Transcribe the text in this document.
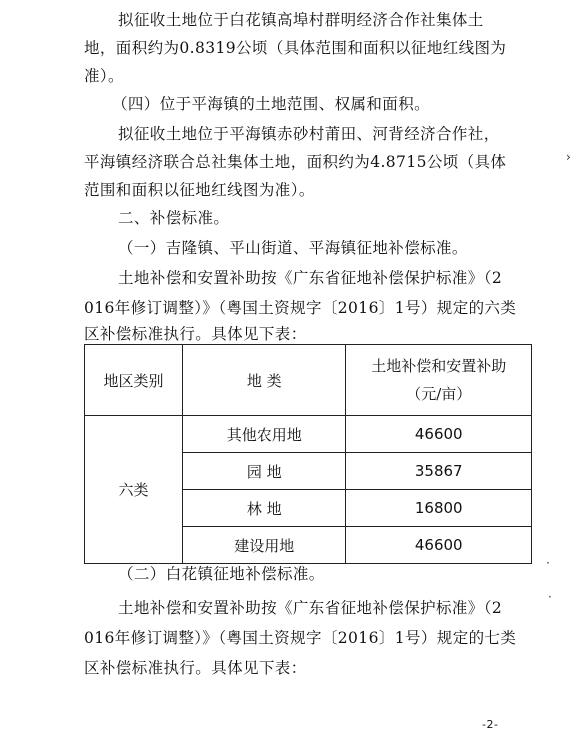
拟征收土地位于白花镇高埠村群明经济合作社集体土
地，面积约为0.8319公顷（具体范围和面积以征地红线图为
准）。
（四）位于平海镇的土地范围、权属和面积。
拟征收土地位于平海镇赤砂村莆田、河背经济合作社，
平海镇经济联合总社集体土地，面积约为4.8715公顷（具体
范围和面积以征地红线图为准）。
二、补偿标准。
（一）吉隆镇、平山街道、平海镇征地补偿标准。
土地补偿和安置补助按《广东省征地补偿保护标准》（2
016年修订调整）》（粤国土资规字〔2016〕1号）规定的六类
地区类别	地 类	土地补偿和安置补助
（元/亩）

六类	其他农用地	46600
	园 地	35867
	林 地	16800
	建设用地	46600
（二）白花镇征地补偿标准。
土地补偿和安置补助按《广东省征地补偿保护标准》（2
016年修订调整）》（粤国土资规字〔2016〕1号）规定的七类
区补偿标准执行。具体见下表：
-2-
›
·
·
区补偿标准执行。具体见下表：
